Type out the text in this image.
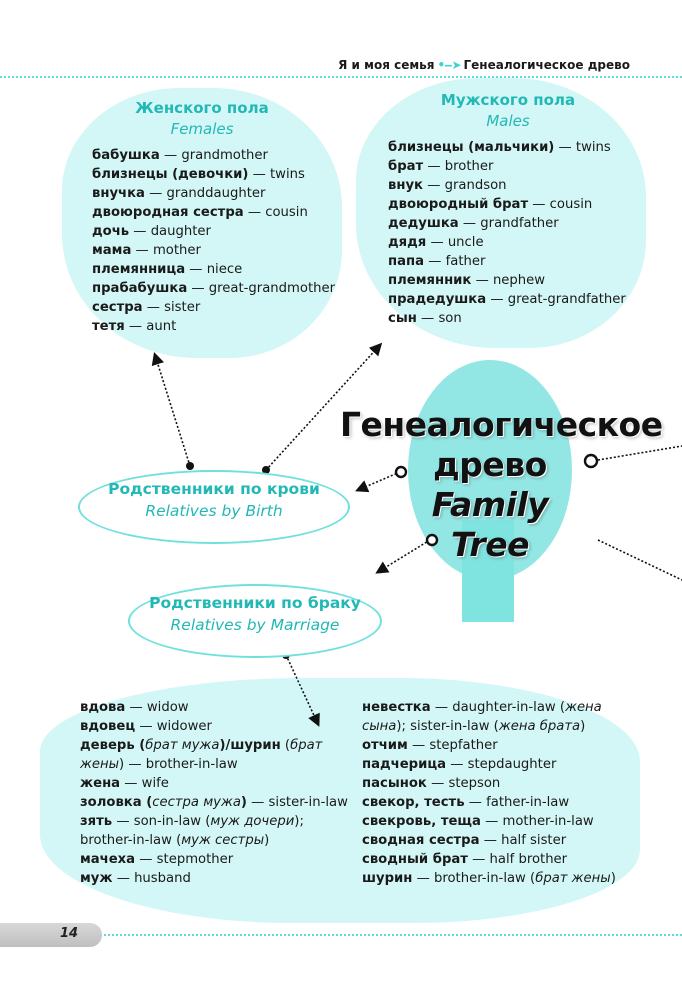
Я и моя семья •‒➤ Генеалогическое древо
Женского пола
Females
бабушка — grandmother
близнецы (девочки) — twins
внучка — granddaughter
двоюродная сестра — cousin
дочь — daughter
мама — mother
племянница — niece
прабабушка — great-grandmother
сестра — sister
тетя — aunt
Мужского пола
Males
близнецы (мальчики) — twins
брат — brother
внук — grandson
двоюродный брат — cousin
дедушка — grandfather
дядя — uncle
папа — father
племянник — nephew
прадедушка — great-grandfather
сын — son
Генеалогическое
древо
Family
Tree
Родственники по крови
Relatives by Birth
Родственники по браку
Relatives by Marriage
вдова — widow
вдовец — widower
деверь (брат мужа)/шурин (брат
жены) — brother-in-law
жена — wife
золовка (сестра мужа) — sister-in-law
зять — son-in-law (муж дочери);
brother-in-law (муж сестры)
мачеха — stepmother
муж — husband
невестка — daughter-in-law (жена
сына); sister-in-law (жена брата)
отчим — stepfather
падчерица — stepdaughter
пасынок — stepson
свекор, тесть — father-in-law
свекровь, теща — mother-in-law
сводная сестра — half sister
сводный брат — half brother
шурин — brother-in-law (брат жены)
14
